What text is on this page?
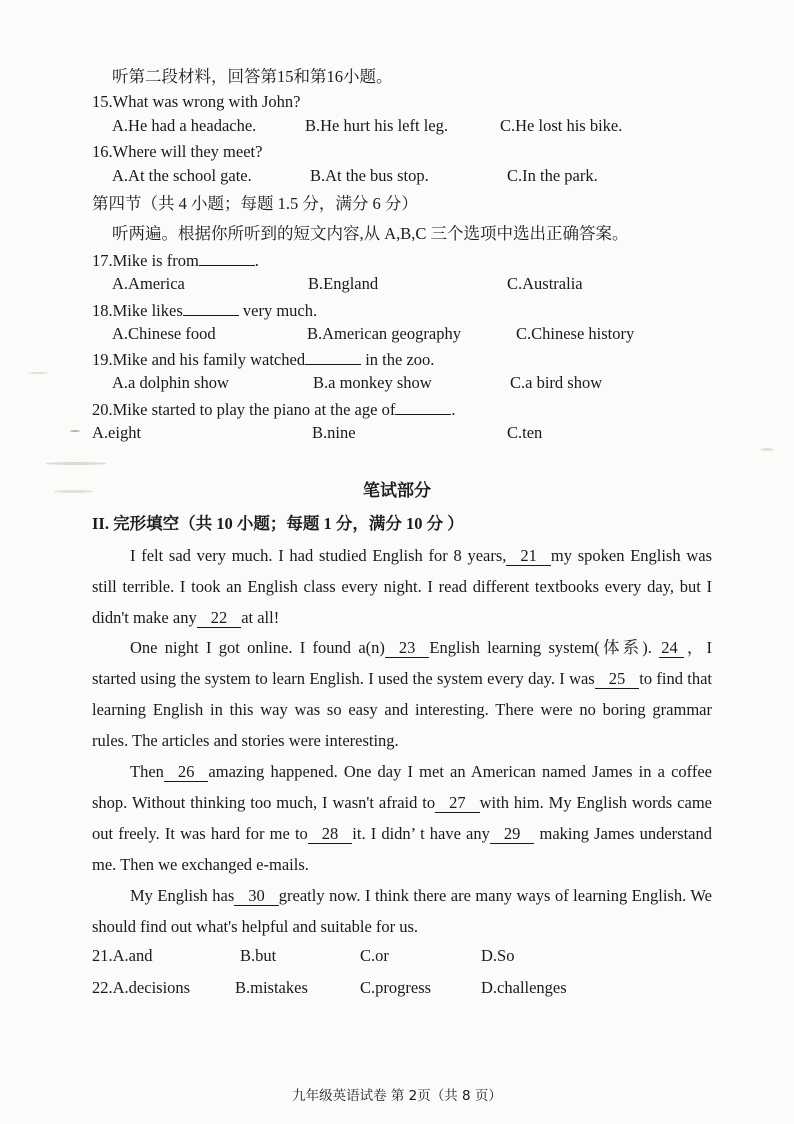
听第二段材料，回答第15和第16小题。
15.What was wrong with John?
A.He had a headache.	B.He hurt his left leg.	C.He lost his bike.
16.Where will they meet?
A.At the school gate.	B.At the bus stop.	C.In the park.
第四节（共 4 小题；每题 1.5 分，满分 6 分）
听两遍。根据你所听到的短文内容,从 A,B,C 三个选项中选出正确答案。
17.Mike is from	.
A.America	B.England	C.Australia
18.Mike likes	very much.
A.Chinese food	B.American geography	C.Chinese history
19.Mike and his family watched	in the zoo.
A.a dolphin show	B.a monkey show	C.a bird show
20.Mike started to play the piano at the age of	.
A.eight	B.nine	C.ten
笔试部分
II. 完形填空（共 10 小题；每题 1 分，满分 10 分 ）
I felt sad very much. I had studied English for 8 years, 21 my spoken English was still terrible. I took an English class every night. I read different textbooks every day, but I didn't make any 22 at all!
One night I got online. I found a(n) 23 English learning system(体系). 24 ，I started using the system to learn English. I used the system every day. I was 25 to find that learning English in this way was so easy and interesting. There were no boring grammar rules. The articles and stories were interesting.
Then 26 amazing happened. One day I met an American named James in a coffee shop. Without thinking too much, I wasn't afraid to 27 with him. My English words came out freely. It was hard for me to 28 it. I didn’ t have any 29 making James understand me. Then we exchanged e-mails.
My English has 30 greatly now. I think there are many ways of learning English. We should find out what's helpful and suitable for us.
21.A.and	B.but	C.or	D.So
22.A.decisions	B.mistakes	C.progress	D.challenges
九年级英语试卷 第 2页（共 8 页）
